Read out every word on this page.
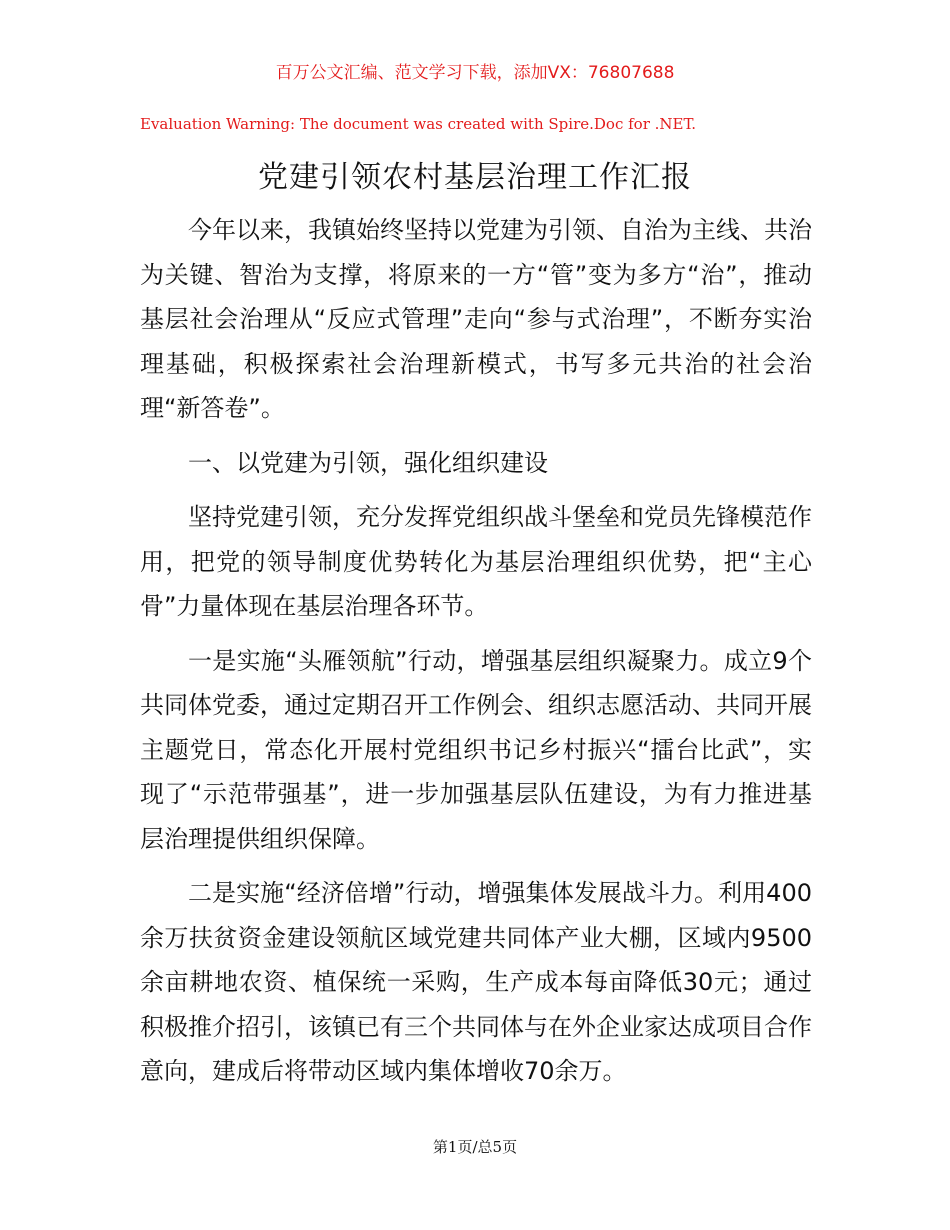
百万公文汇编、范文学习下载，添加VX：76807688
Evaluation Warning: The document was created with Spire.Doc for .NET.
党建引领农村基层治理工作汇报

今年以来，我镇始终坚持以党建为引领、自治为主线、共治为关键、智治为支撑，将原来的一方“管”变为多方“治”，推动基层社会治理从“反应式管理”走向“参与式治理”，不断夯实治理基础，积极探索社会治理新模式，书写多元共治的社会治理“新答卷”。

一、以党建为引领，强化组织建设

坚持党建引领，充分发挥党组织战斗堡垒和党员先锋模范作用，把党的领导制度优势转化为基层治理组织优势，把“主心骨”力量体现在基层治理各环节。

一是实施“头雁领航”行动，增强基层组织凝聚力。成立9个共同体党委，通过定期召开工作例会、组织志愿活动、共同开展主题党日，常态化开展村党组织书记乡村振兴“擂台比武”，实现了“示范带强基”，进一步加强基层队伍建设，为有力推进基层治理提供组织保障。

二是实施“经济倍增”行动，增强集体发展战斗力。利用400余万扶贫资金建设领航区域党建共同体产业大棚，区域内9500余亩耕地农资、植保统一采购，生产成本每亩降低30元；通过积极推介招引，该镇已有三个共同体与在外企业家达成项目合作意向，建成后将带动区域内集体增收70余万。

第1页/总5页
